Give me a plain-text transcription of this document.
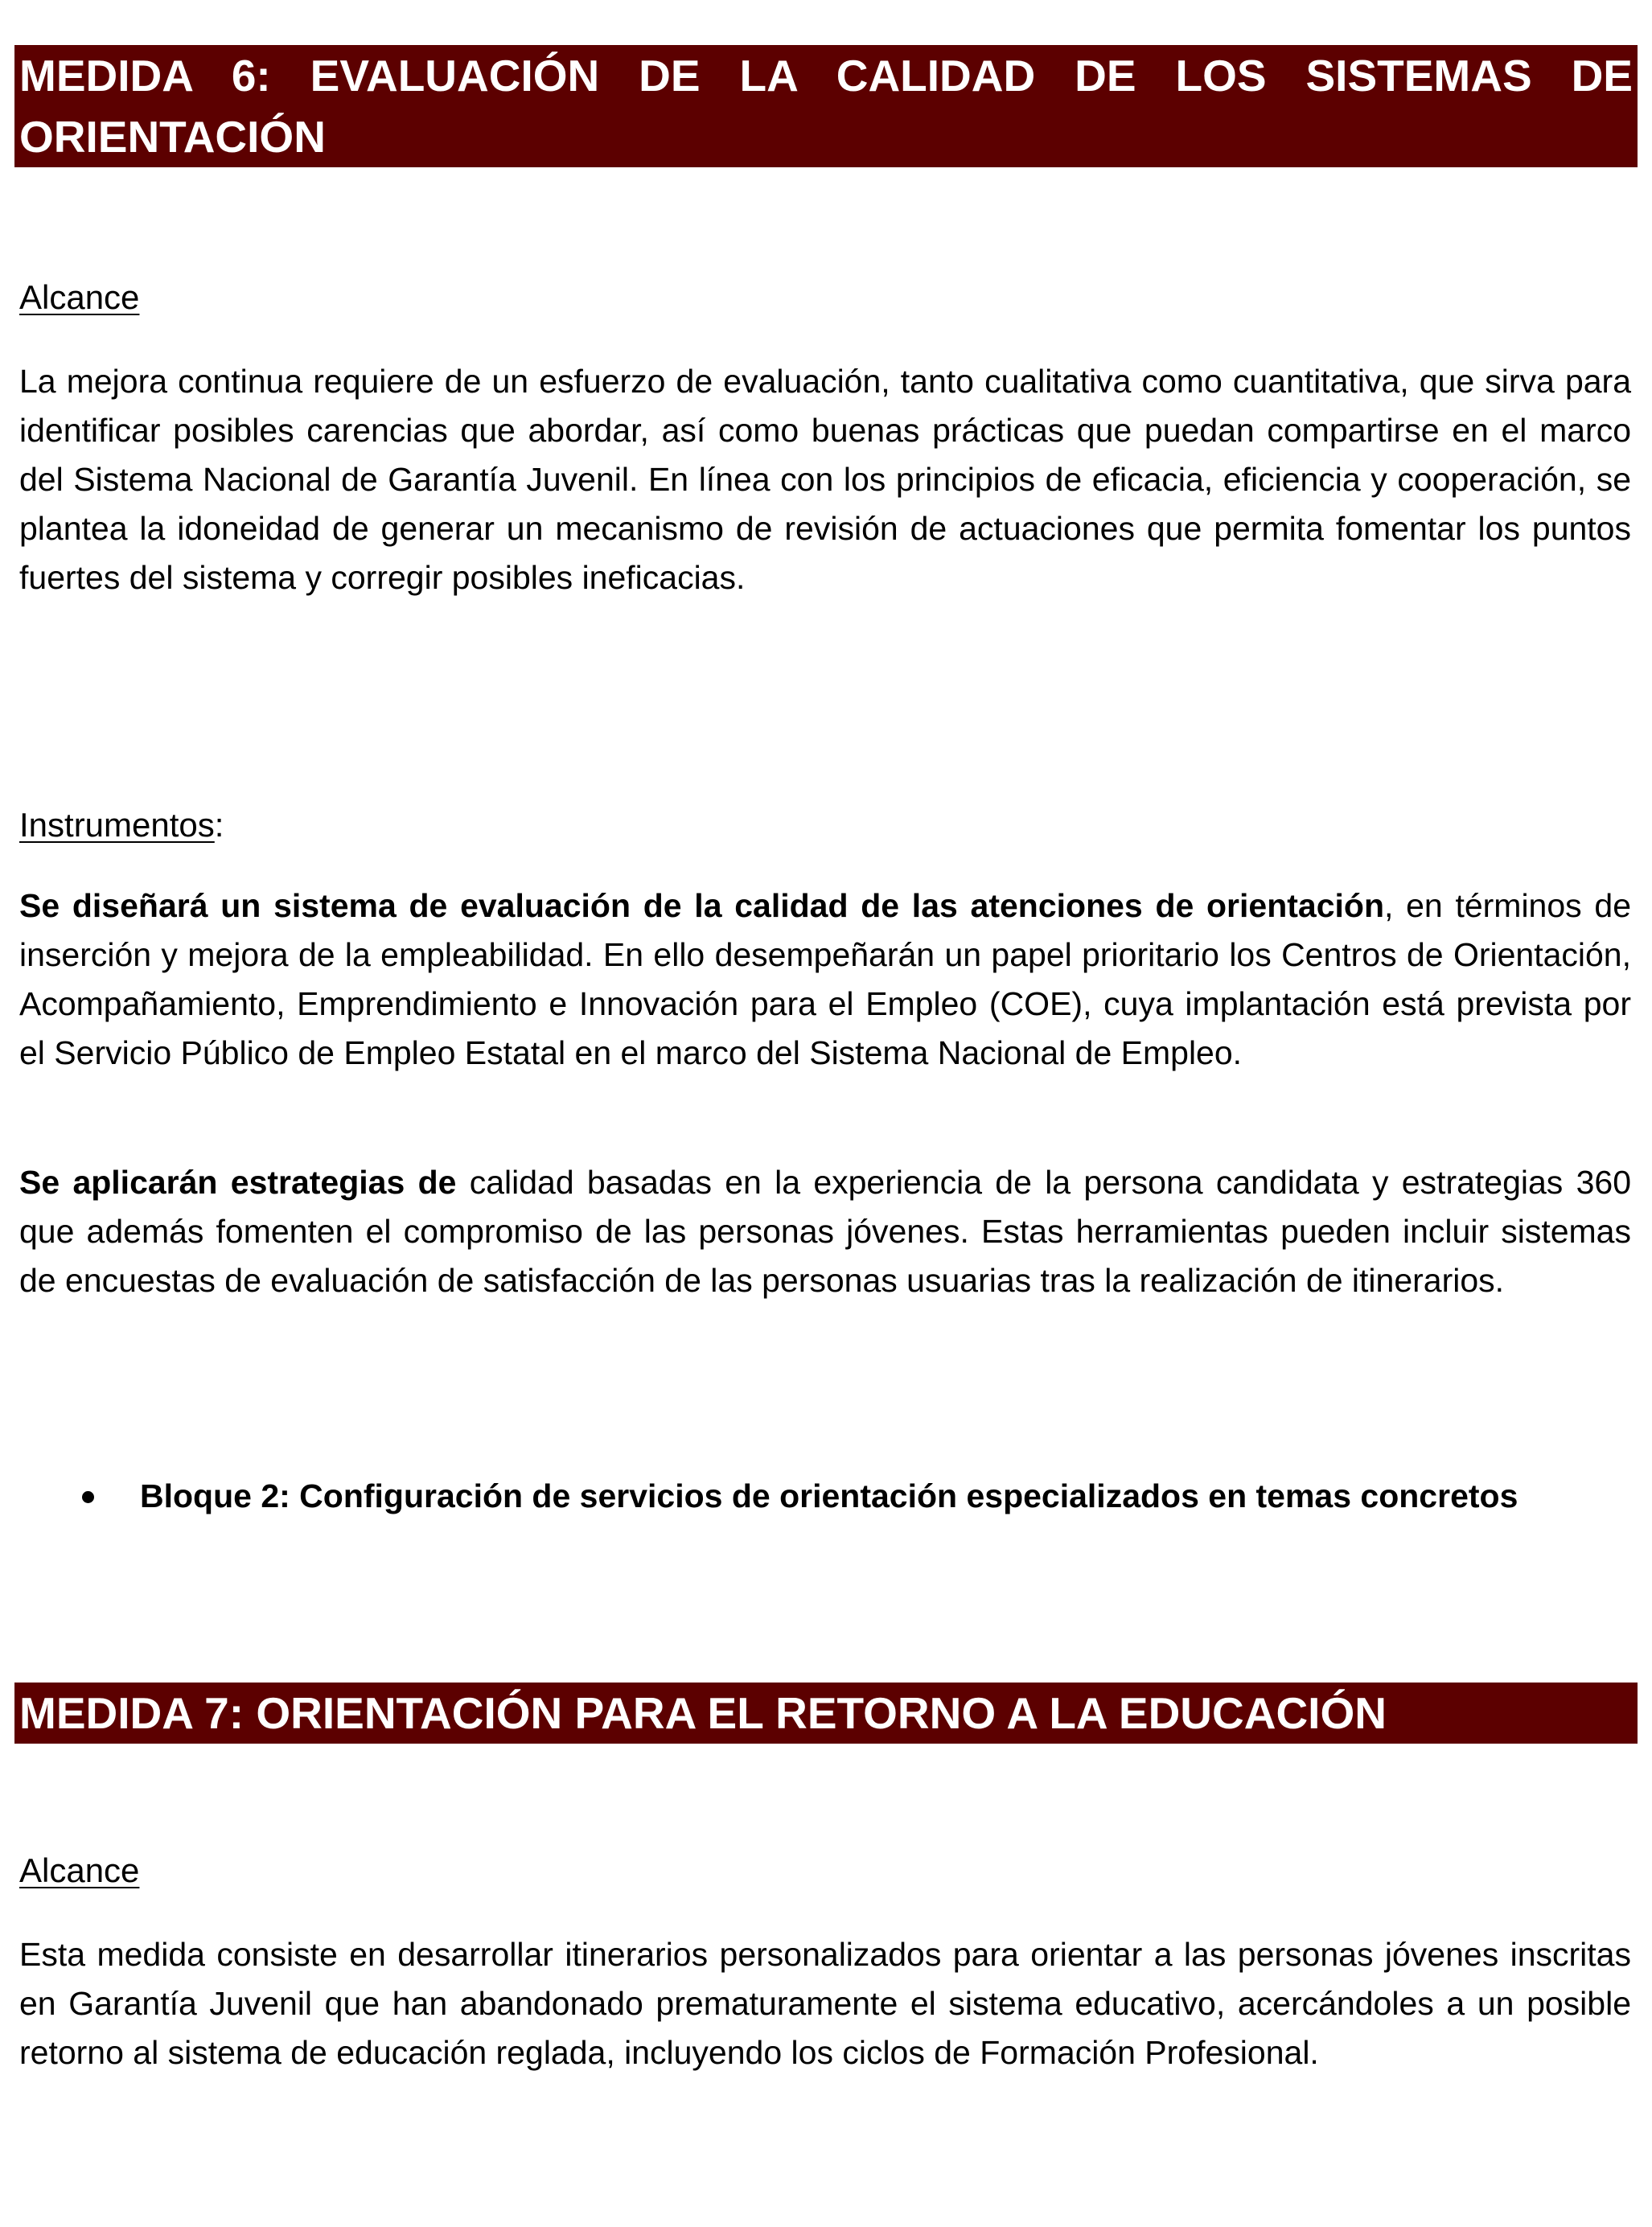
MEDIDA 6: EVALUACIÓN DE LA CALIDAD DE LOS SISTEMAS DE ORIENTACIÓN
Alcance

La mejora continua requiere de un esfuerzo de evaluación, tanto cualitativa como cuantitativa, que sirva para identificar posibles carencias que abordar, así como buenas prácticas que puedan compartirse en el marco del Sistema Nacional de Garantía Juvenil. En línea con los principios de eficacia, eficiencia y cooperación, se plantea la idoneidad de generar un mecanismo de revisión de actuaciones que permita fomentar los puntos fuertes del sistema y corregir posibles ineficacias.

Instrumentos:

Se diseñará un sistema de evaluación de la calidad de las atenciones de orientación, en términos de inserción y mejora de la empleabilidad. En ello desempeñarán un papel prioritario los Centros de Orientación, Acompañamiento, Emprendimiento e Innovación para el Empleo (COE), cuya implantación está prevista por el Servicio Público de Empleo Estatal en el marco del Sistema Nacional de Empleo.

Se aplicarán estrategias de calidad basadas en la experiencia de la persona candidata y estrategias 360 que además fomenten el compromiso de las personas jóvenes. Estas herramientas pueden incluir sistemas de encuestas de evaluación de satisfacción de las personas usuarias tras la realización de itinerarios.

Bloque 2: Configuración de servicios de orientación especializados en temas concretos
MEDIDA 7: ORIENTACIÓN PARA EL RETORNO A LA EDUCACIÓN
Alcance

Esta medida consiste en desarrollar itinerarios personalizados para orientar a las personas jóvenes inscritas en Garantía Juvenil que han abandonado prematuramente el sistema educativo, acercándoles a un posible retorno al sistema de educación reglada, incluyendo los ciclos de Formación Profesional.
